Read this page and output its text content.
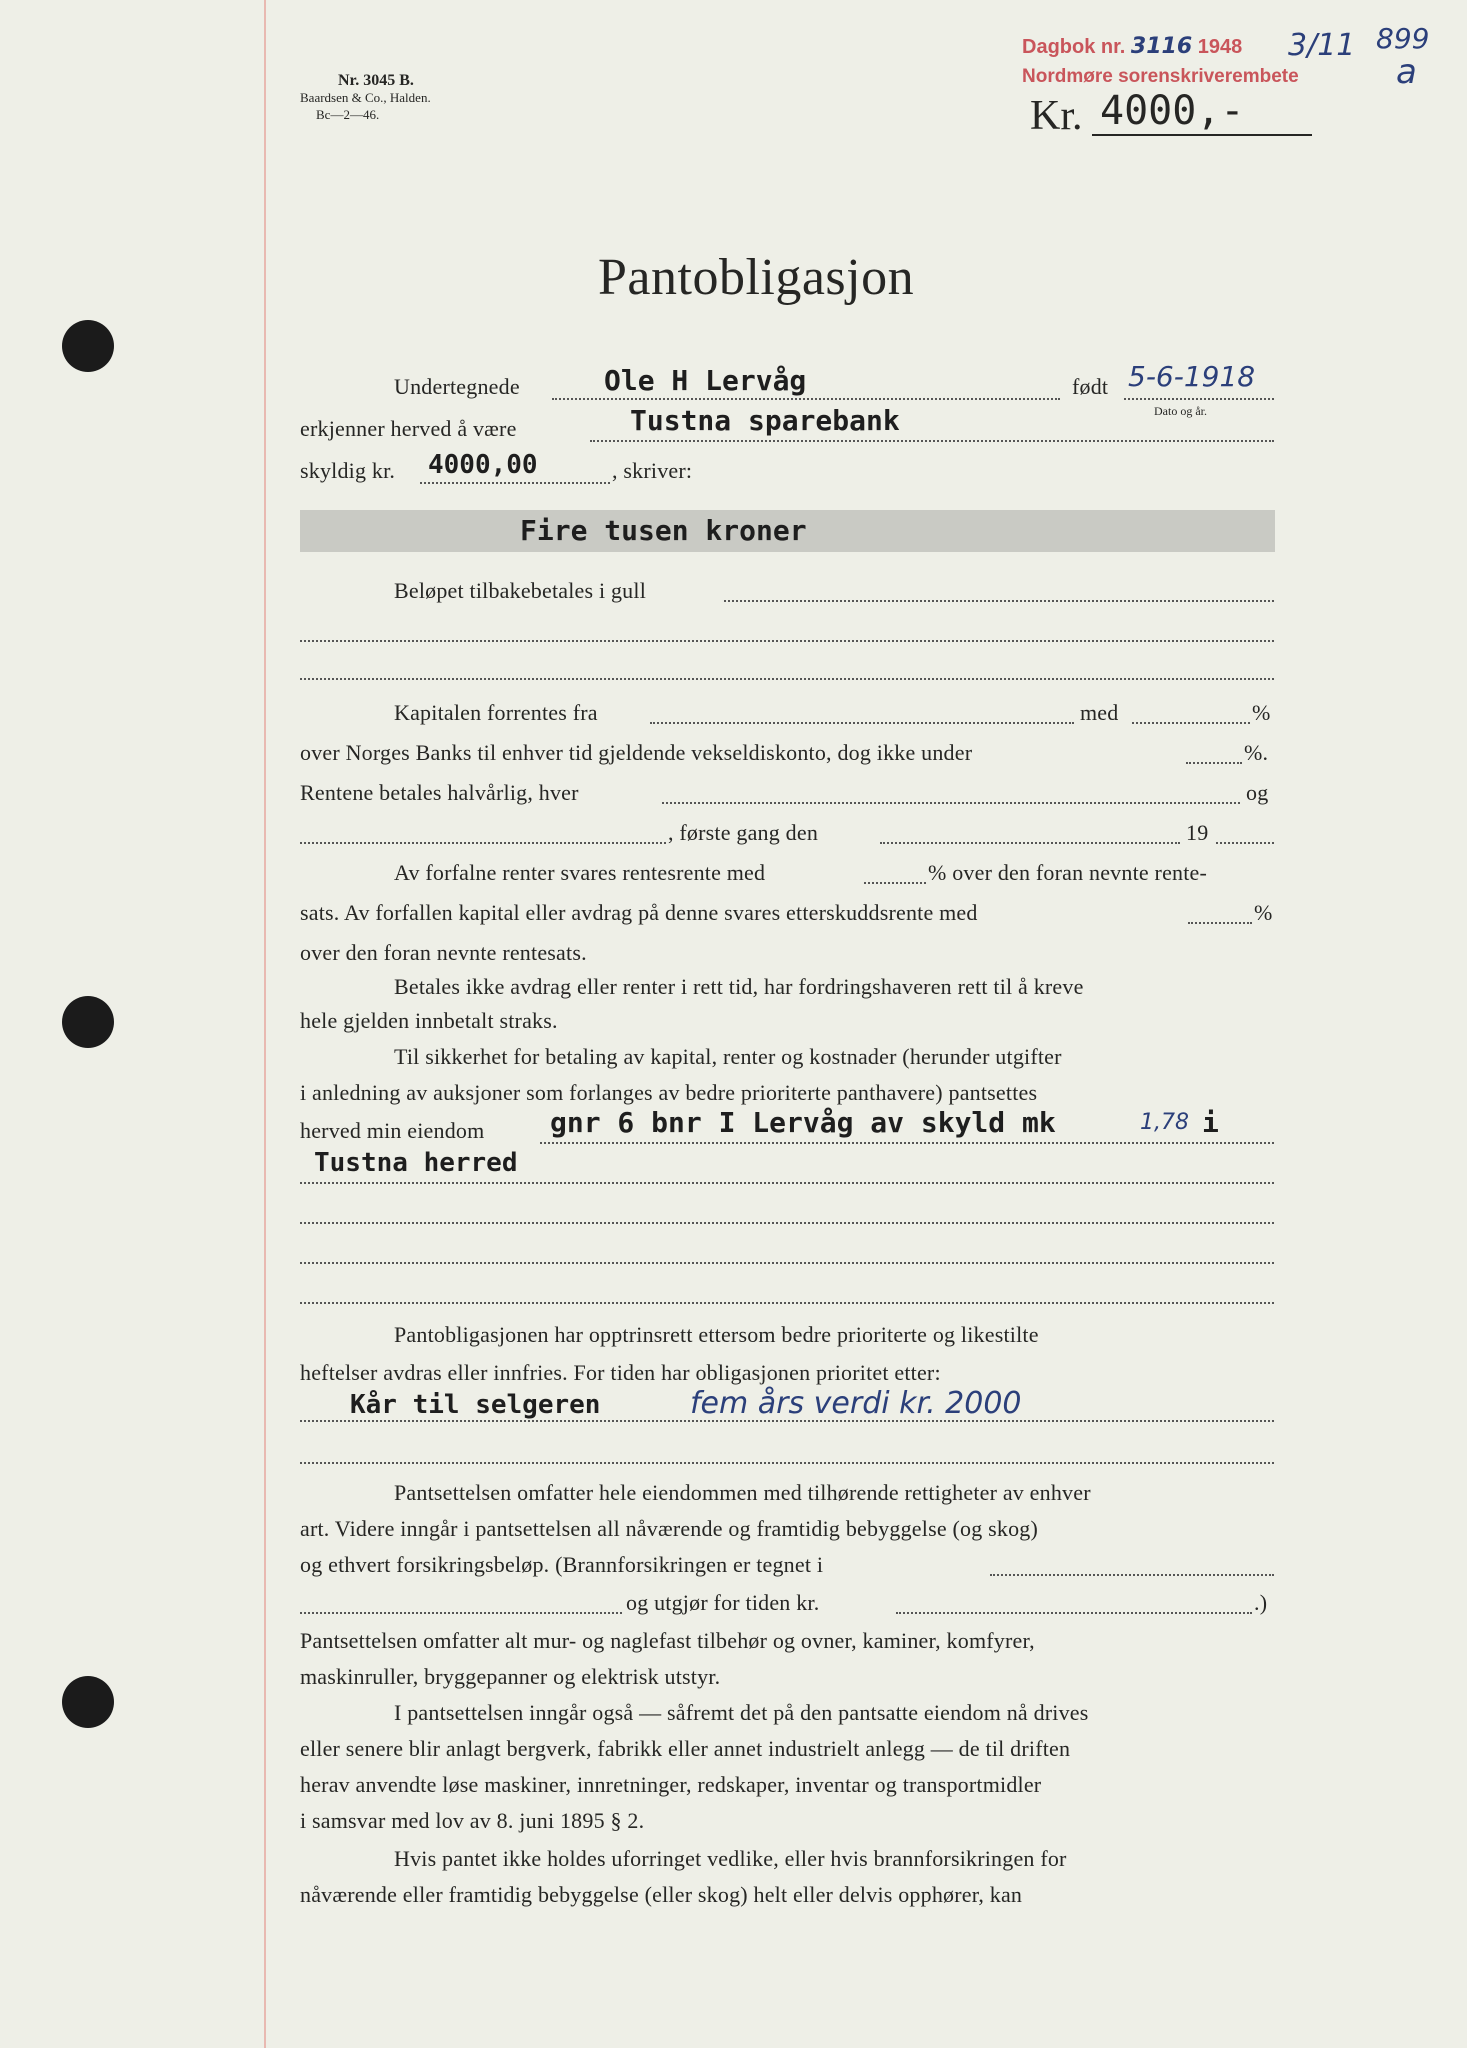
Nr. 3045 B.
Baardsen & Co., Halden.
Bc—2—46.
Dagbok nr. 3116 1948
Nordmøre sorenskriverembete
3/11 899
a
Kr. 4000,-
Pantobligasjon
Undertegnede	Ole H Lervåg	født 5-6-1918
Dato og år.
erkjenner herved å være	Tustna sparebank
skyldig kr. 4000,00	, skriver:
Fire tusen kroner
Beløpet tilbakebetales i gull
Kapitalen forrentes fra	med	%
over Norges Banks til enhver tid gjeldende vekseldiskonto, dog ikke under	%.
Rentene betales halvårlig, hver	og
, første gang den	19
Av forfalne renter svares rentesrente med	% over den foran nevnte rente-
sats. Av forfallen kapital eller avdrag på denne svares etterskuddsrente med	%
over den foran nevnte rentesats.
Betales ikke avdrag eller renter i rett tid, har fordringshaveren rett til å kreve
hele gjelden innbetalt straks.
Til sikkerhet for betaling av kapital, renter og kostnader (herunder utgifter
i anledning av auksjoner som forlanges av bedre prioriterte panthavere) pantsettes
herved min eiendom gnr 6 bnr I Lervåg av skyld mk	1,78 i
Tustna herred
Pantobligasjonen har opptrinsrett ettersom bedre prioriterte og likestilte
heftelser avdras eller innfries. For tiden har obligasjonen prioritet etter:
Kår til selgeren	fem års verdi kr. 2000
Pantsettelsen omfatter hele eiendommen med tilhørende rettigheter av enhver
art. Videre inngår i pantsettelsen all nåværende og framtidig bebyggelse (og skog)
og ethvert forsikringsbeløp. (Brannforsikringen er tegnet i
og utgjør for tiden kr.	.)
Pantsettelsen omfatter alt mur- og naglefast tilbehør og ovner, kaminer, komfyrer,
maskinruller, bryggepanner og elektrisk utstyr.
I pantsettelsen inngår også — såfremt det på den pantsatte eiendom nå drives
eller senere blir anlagt bergverk, fabrikk eller annet industrielt anlegg — de til driften
herav anvendte løse maskiner, innretninger, redskaper, inventar og transportmidler
i samsvar med lov av 8. juni 1895 § 2.
Hvis pantet ikke holdes uforringet vedlike, eller hvis brannforsikringen for
nåværende eller framtidig bebyggelse (eller skog) helt eller delvis opphører, kan
